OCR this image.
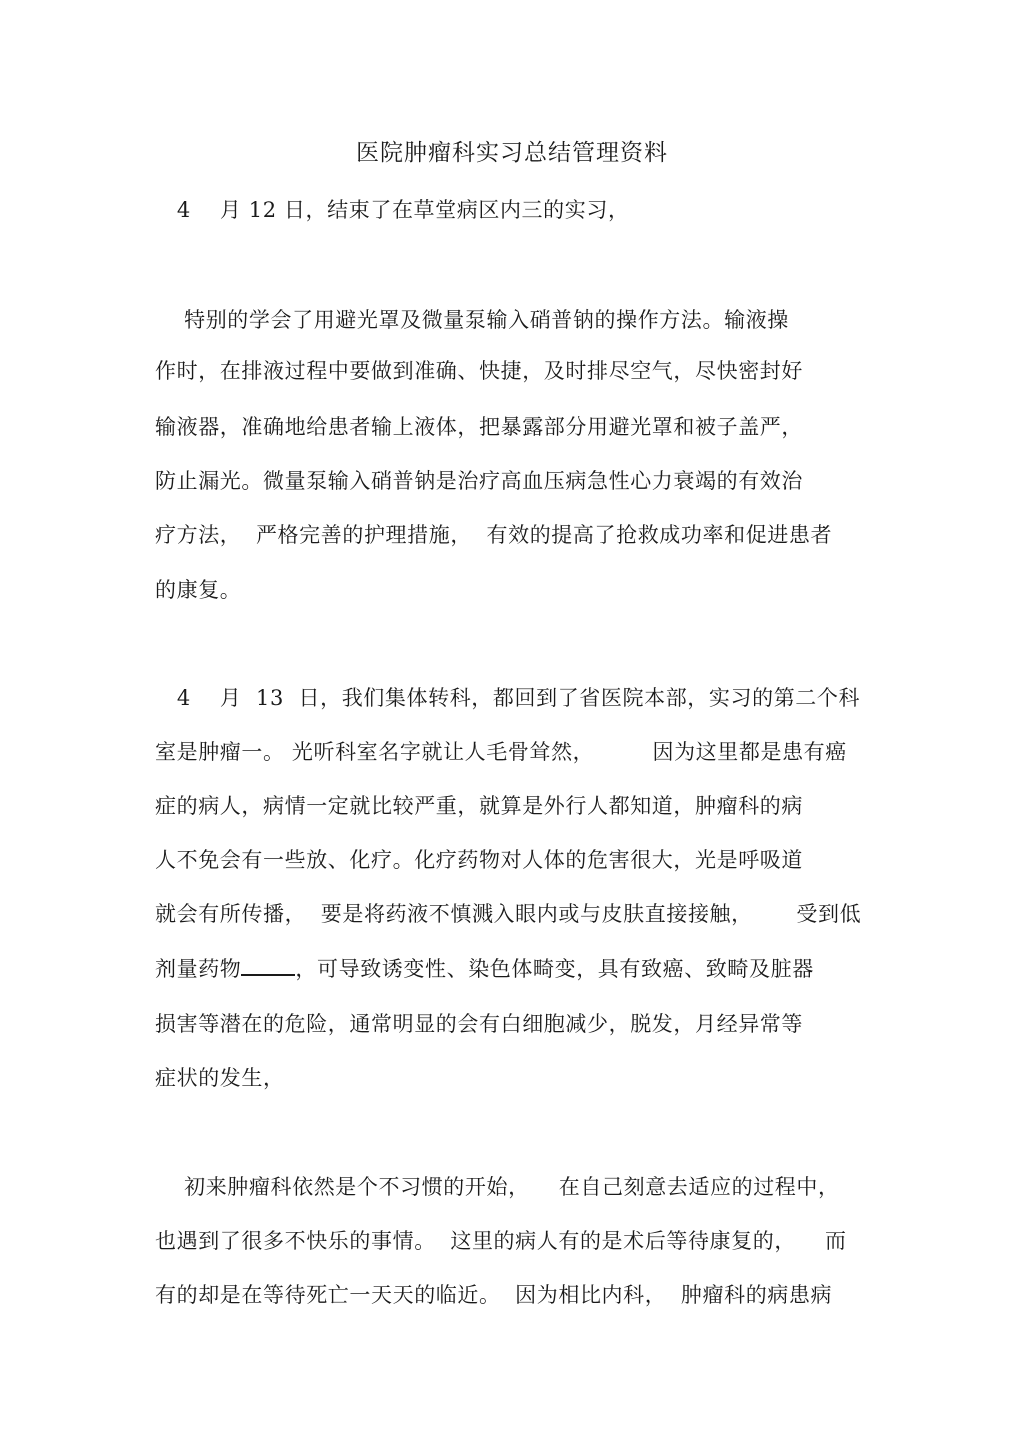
医院肿瘤科实习总结管理资料
4    月 12 日，结束了在草堂病区内三的实习，
特别的学会了用避光罩及微量泵输入硝普钠的操作方法。输液操
作时，在排液过程中要做到准确、快捷，及时排尽空气，尽快密封好
输液器，准确地给患者输上液体，把暴露部分用避光罩和被子盖严，
防止漏光。微量泵输入硝普钠是治疗高血压病急性心力衰竭的有效治
疗方法，  严格完善的护理措施，  有效的提高了抢救成功率和促进患者
的康复。
4    月  13  日，我们集体转科，都回到了省医院本部，实习的第二个科
室是肿瘤一。 光听科室名字就让人毛骨耸然，        因为这里都是患有癌
症的病人，病情一定就比较严重，就算是外行人都知道，肿瘤科的病
人不免会有一些放、化疗。化疗药物对人体的危害很大，光是呼吸道
就会有所传播，  要是将药液不慎溅入眼内或与皮肤直接接触，      受到低
剂量药物	，可导致诱变性、染色体畸变，具有致癌、致畸及脏器
损害等潜在的危险，通常明显的会有白细胞减少，脱发，月经异常等
症状的发生，
初来肿瘤科依然是个不习惯的开始，    在自己刻意去适应的过程中，
也遇到了很多不快乐的事情。  这里的病人有的是术后等待康复的，    而
有的却是在等待死亡一天天的临近。  因为相比内科，  肿瘤科的病患病
